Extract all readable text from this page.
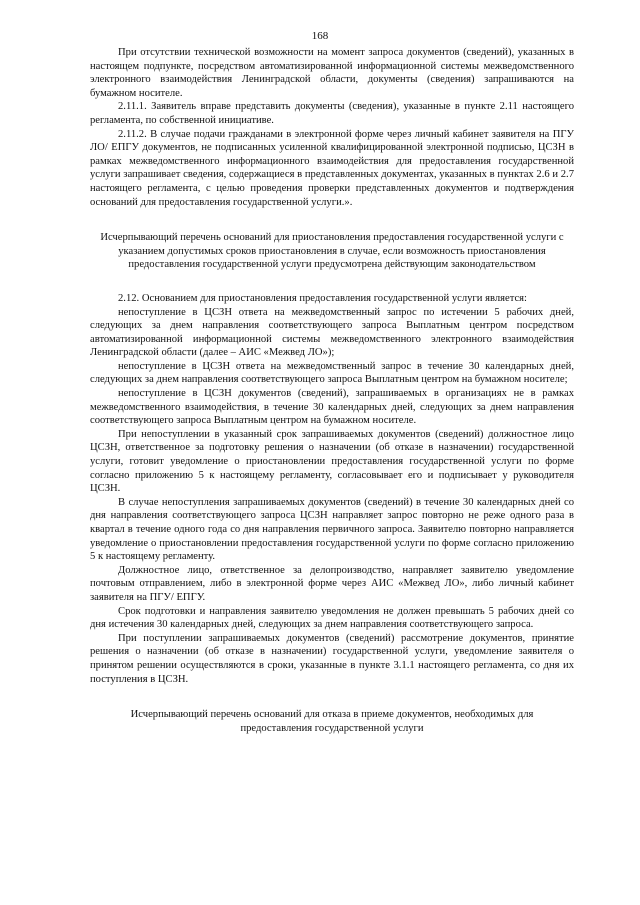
168

При отсутствии технической возможности на момент запроса документов (сведений), указанных в настоящем подпункте, посредством автоматизированной информационной системы межведомственного электронного взаимодействия Ленинградской области, документы (сведения) запрашиваются на бумажном носителе.

2.11.1. Заявитель вправе представить документы (сведения), указанные в пункте 2.11 настоящего регламента, по собственной инициативе.

2.11.2. В случае подачи гражданами в электронной форме через личный кабинет заявителя на ПГУ ЛО/ ЕПГУ документов, не подписанных усиленной квалифицированной электронной подписью, ЦСЗН в рамках межведомственного информационного взаимодействия для предоставления государственной услуги запрашивает сведения, содержащиеся в представленных документах, указанных в пунктах 2.6 и 2.7 настоящего регламента, с целью проведения проверки представленных документов и подтверждения оснований для предоставления государственной услуги.».

Исчерпывающий перечень оснований для приостановления предоставления государственной услуги с указанием допустимых сроков приостановления в случае, если возможность приостановления предоставления государственной услуги предусмотрена действующим законодательством

2.12. Основанием для приостановления предоставления государственной услуги является:

непоступление в ЦСЗН ответа на межведомственный запрос по истечении 5 рабочих дней, следующих за днем направления соответствующего запроса Выплатным центром посредством автоматизированной информационной системы межведомственного электронного взаимодействия Ленинградской области (далее – АИС «Межвед ЛО»);

непоступление в ЦСЗН ответа на межведомственный запрос в течение 30 календарных дней, следующих за днем направления соответствующего запроса Выплатным центром на бумажном носителе;

непоступление в ЦСЗН документов (сведений), запрашиваемых в организациях не в рамках межведомственного взаимодействия, в течение 30 календарных дней, следующих за днем направления соответствующего запроса Выплатным центром на бумажном носителе.

При непоступлении в указанный срок запрашиваемых документов (сведений) должностное лицо ЦСЗН, ответственное за подготовку решения о назначении (об отказе в назначении) государственной услуги, готовит уведомление о приостановлении предоставления государственной услуги по форме согласно приложению 5 к настоящему регламенту, согласовывает его и подписывает у руководителя ЦСЗН.

В случае непоступления запрашиваемых документов (сведений) в течение 30 календарных дней со дня направления соответствующего запроса ЦСЗН направляет запрос повторно не реже одного раза в квартал в течение одного года со дня направления первичного запроса. Заявителю повторно направляется уведомление о приостановлении предоставления государственной услуги по форме согласно приложению 5 к настоящему регламенту.

Должностное лицо, ответственное за делопроизводство, направляет заявителю уведомление почтовым отправлением, либо в электронной форме через АИС «Межвед ЛО», либо личный кабинет заявителя на ПГУ/ ЕПГУ.

Срок подготовки и направления заявителю уведомления не должен превышать 5 рабочих дней со дня истечения 30 календарных дней, следующих за днем направления соответствующего запроса.

При поступлении запрашиваемых документов (сведений) рассмотрение документов, принятие решения о назначении (об отказе в назначении) государственной услуги, уведомление заявителя о принятом решении осуществляются в сроки, указанные в пункте 3.1.1 настоящего регламента, со дня их поступления в ЦСЗН.

Исчерпывающий перечень оснований для отказа в приеме документов, необходимых для предоставления государственной услуги
